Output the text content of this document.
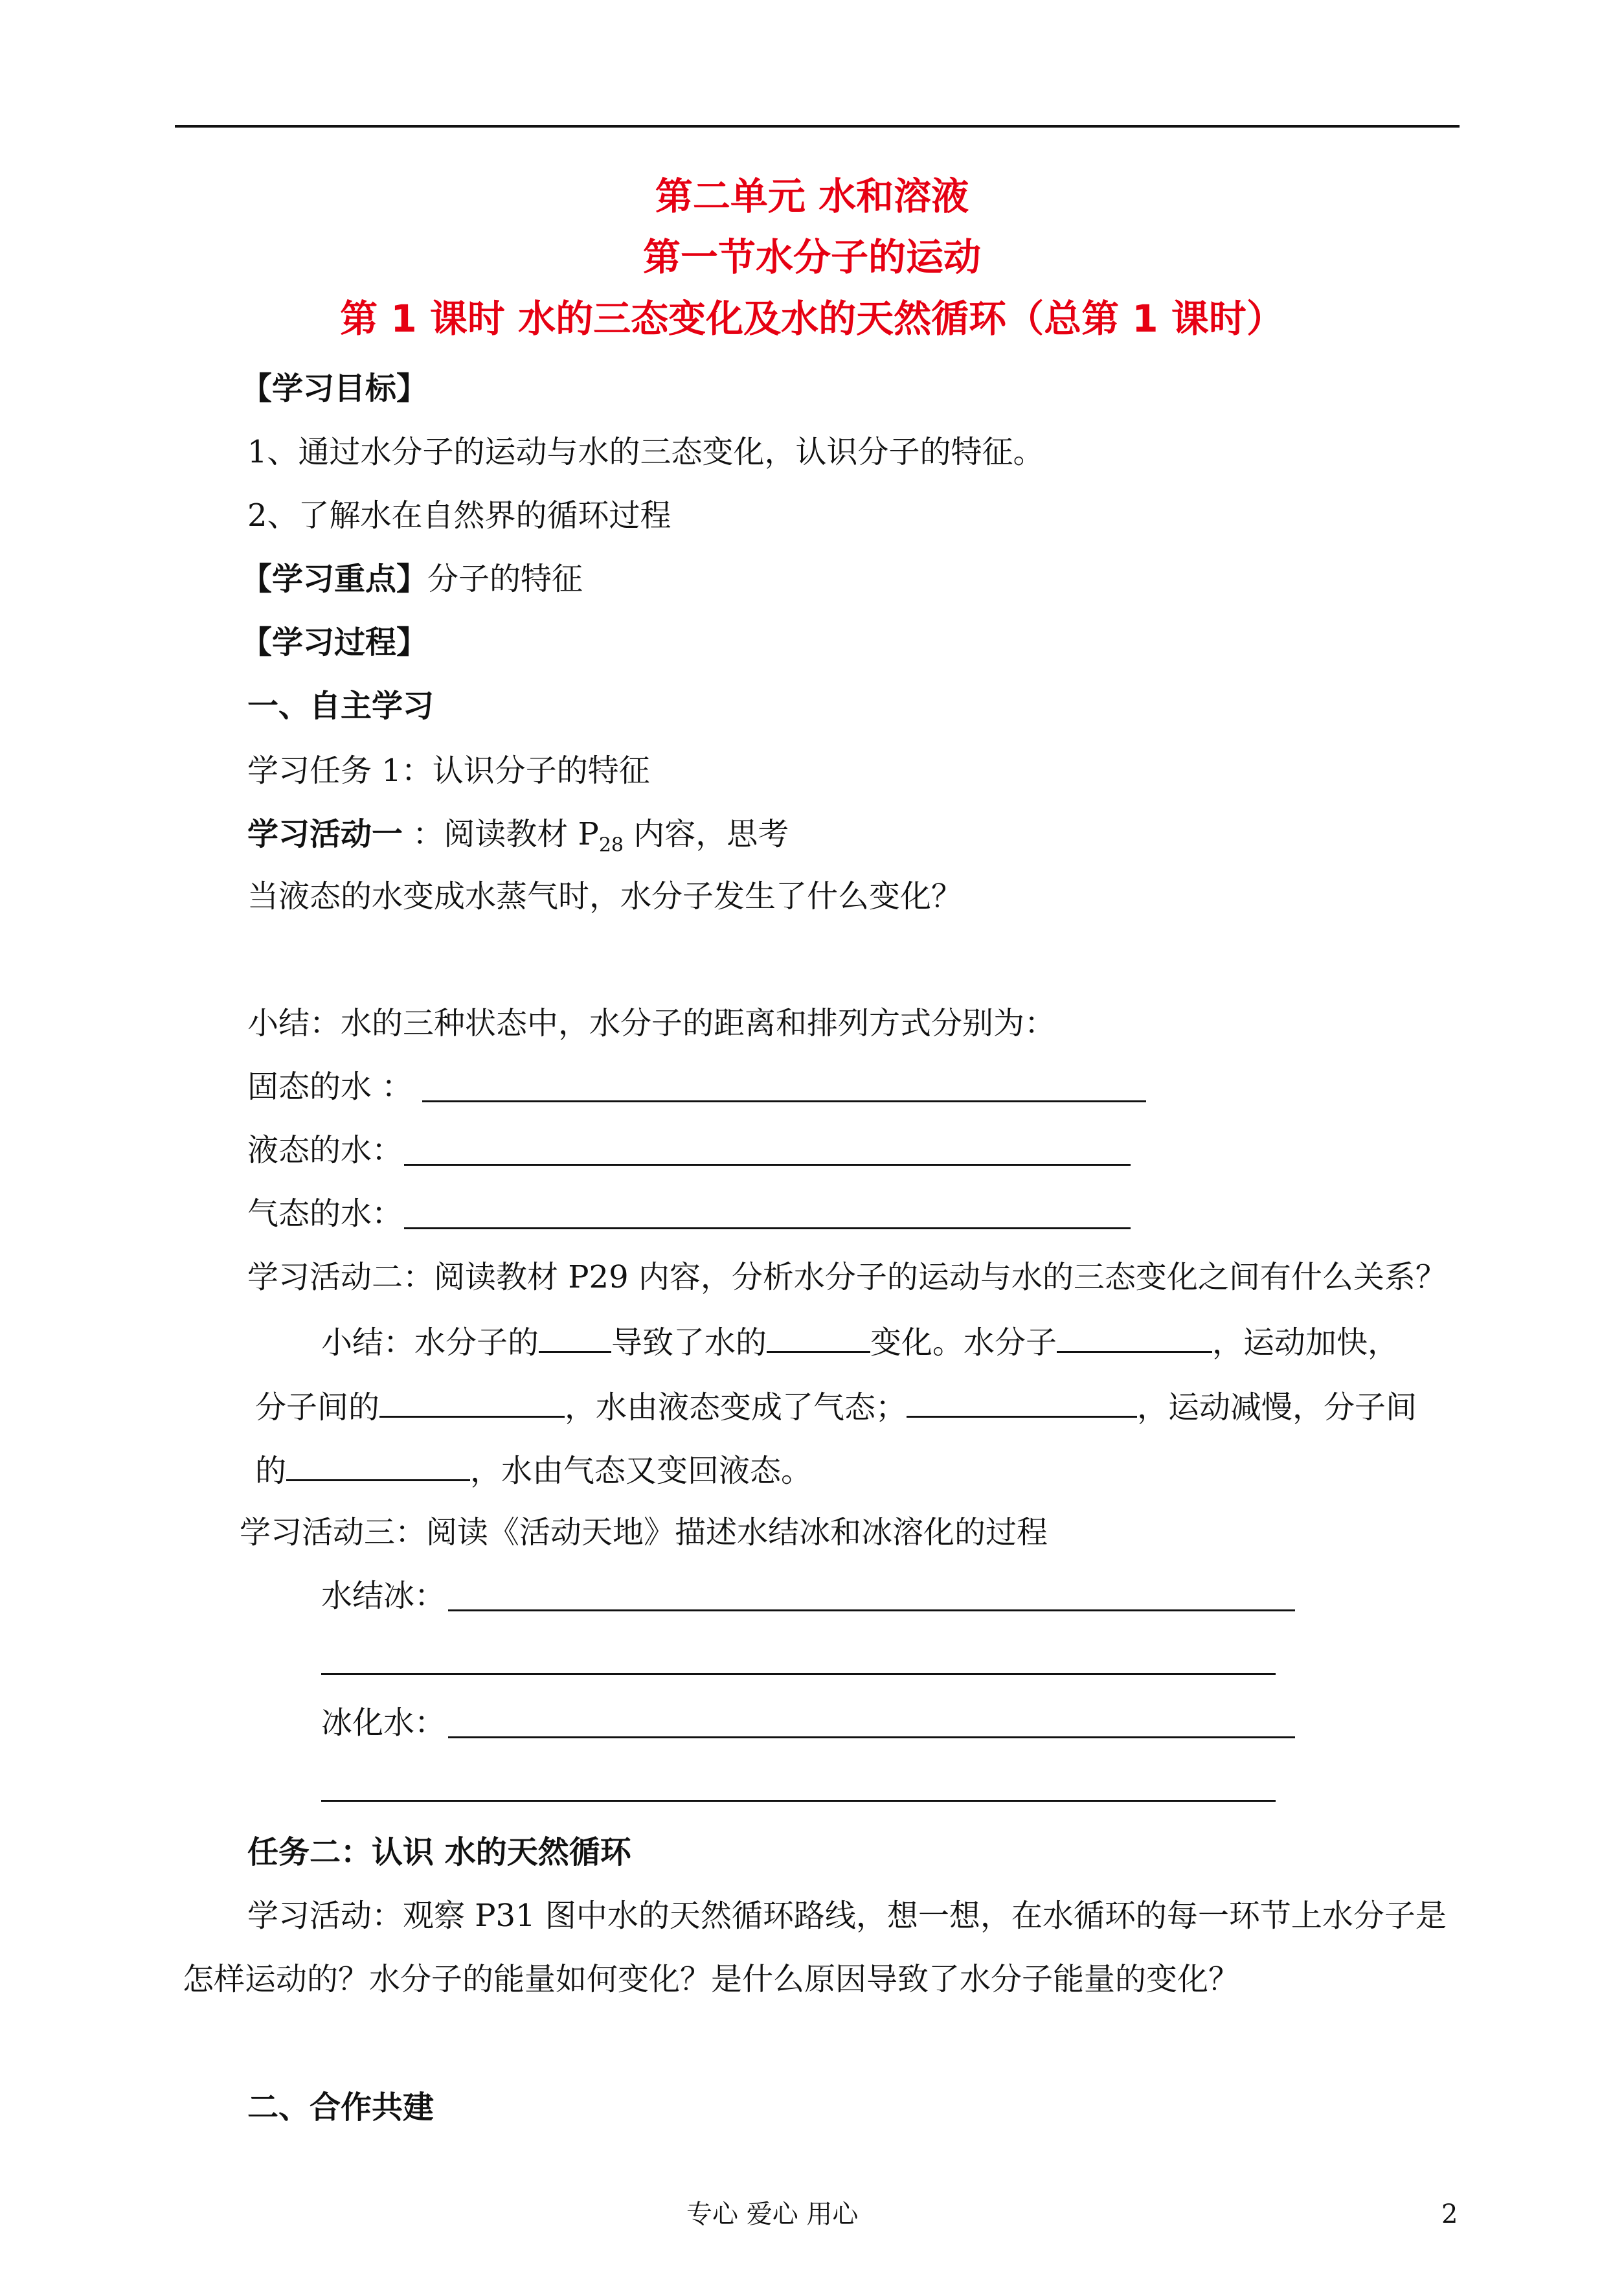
第二单元 水和溶液
第一节水分子的运动
第 1 课时 水的三态变化及水的天然循环（总第 1 课时）
【学习目标】
1、通过水分子的运动与水的三态变化，认识分子的特征。
2、了解水在自然界的循环过程
【学习重点】分子的特征
【学习过程】
一、自主学习
学习任务 1：认识分子的特征
学习活动一 ：阅读教材 $P_{28}$ 内容，思考
当液态的水变成水蒸气时，水分子发生了什么变化？
小结：水的三种状态中，水分子的距离和排列方式分别为：
固态的水 ：
液态的水：
气态的水：
学习活动二：阅读教材 P29 内容，分析水分子的运动与水的三态变化之间有什么关系？
小结：水分子的 导致了水的	变化。水分子	，运动加快，
分子间的	，水由液态变成了气态；	，运动减慢，分子间
的	，水由气态又变回液态。
学习活动三：阅读《活动天地》描述水结冰和冰溶化的过程
水结冰：
冰化水：
任务二：认识 水的天然循环
学习活动：观察 P31 图中水的天然循环路线，想一想，在水循环的每一环节上水分子是
怎样运动的？水分子的能量如何变化？是什么原因导致了水分子能量的变化？
二、合作共建
专心 爱心 用心	2
